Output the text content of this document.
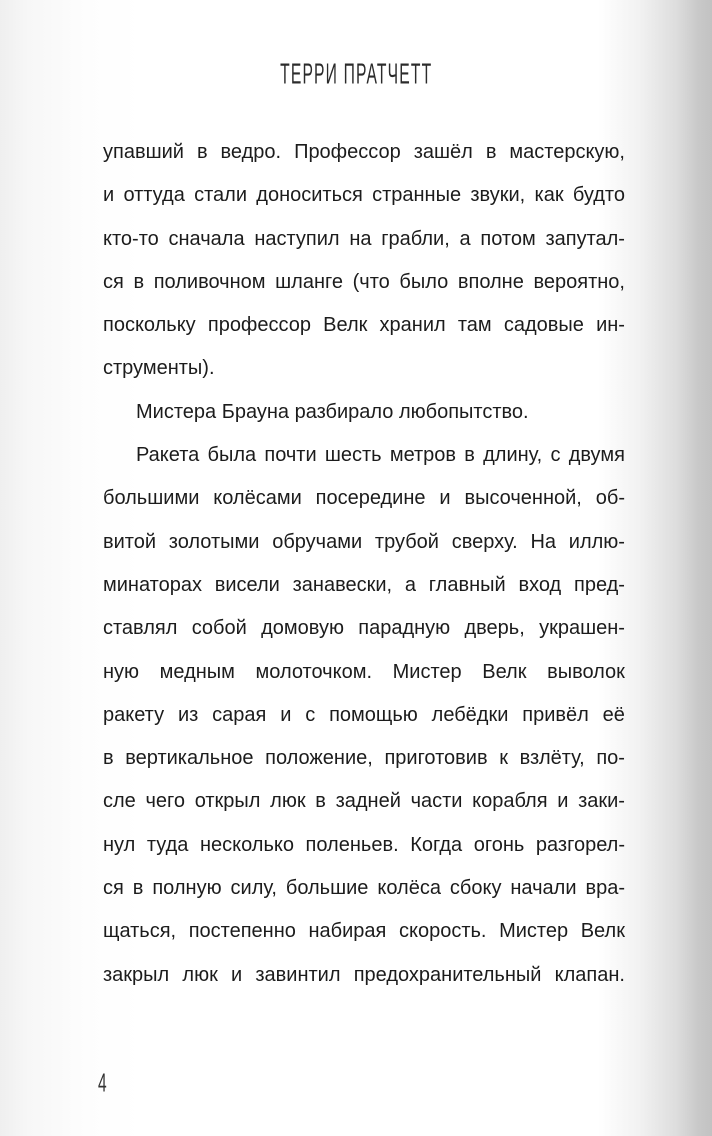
ТЕРРИ ПРАТЧЕТТ
упавший в ведро. Профессор зашёл в мастерскую,
и оттуда стали доноситься странные звуки, как будто
кто-то сначала наступил на грабли, а потом запутал-
ся в поливочном шланге (что было вполне вероятно,
поскольку профессор Велк хранил там садовые ин-
струменты).
Мистера Брауна разбирало любопытство.
Ракета была почти шесть метров в длину, с двумя
большими колёсами посередине и высоченной, об-
витой золотыми обручами трубой сверху. На иллю-
минаторах висели занавески, а главный вход пред-
ставлял собой домовую парадную дверь, украшен-
ную медным молоточком. Мистер Велк выволок
ракету из сарая и с помощью лебёдки привёл её
в вертикальное положение, приготовив к взлёту, по-
сле чего открыл люк в задней части корабля и заки-
нул туда несколько поленьев. Когда огонь разгорел-
ся в полную силу, большие колёса сбоку начали вра-
щаться, постепенно набирая скорость. Мистер Велк
закрыл люк и завинтил предохранительный клапан.
4
